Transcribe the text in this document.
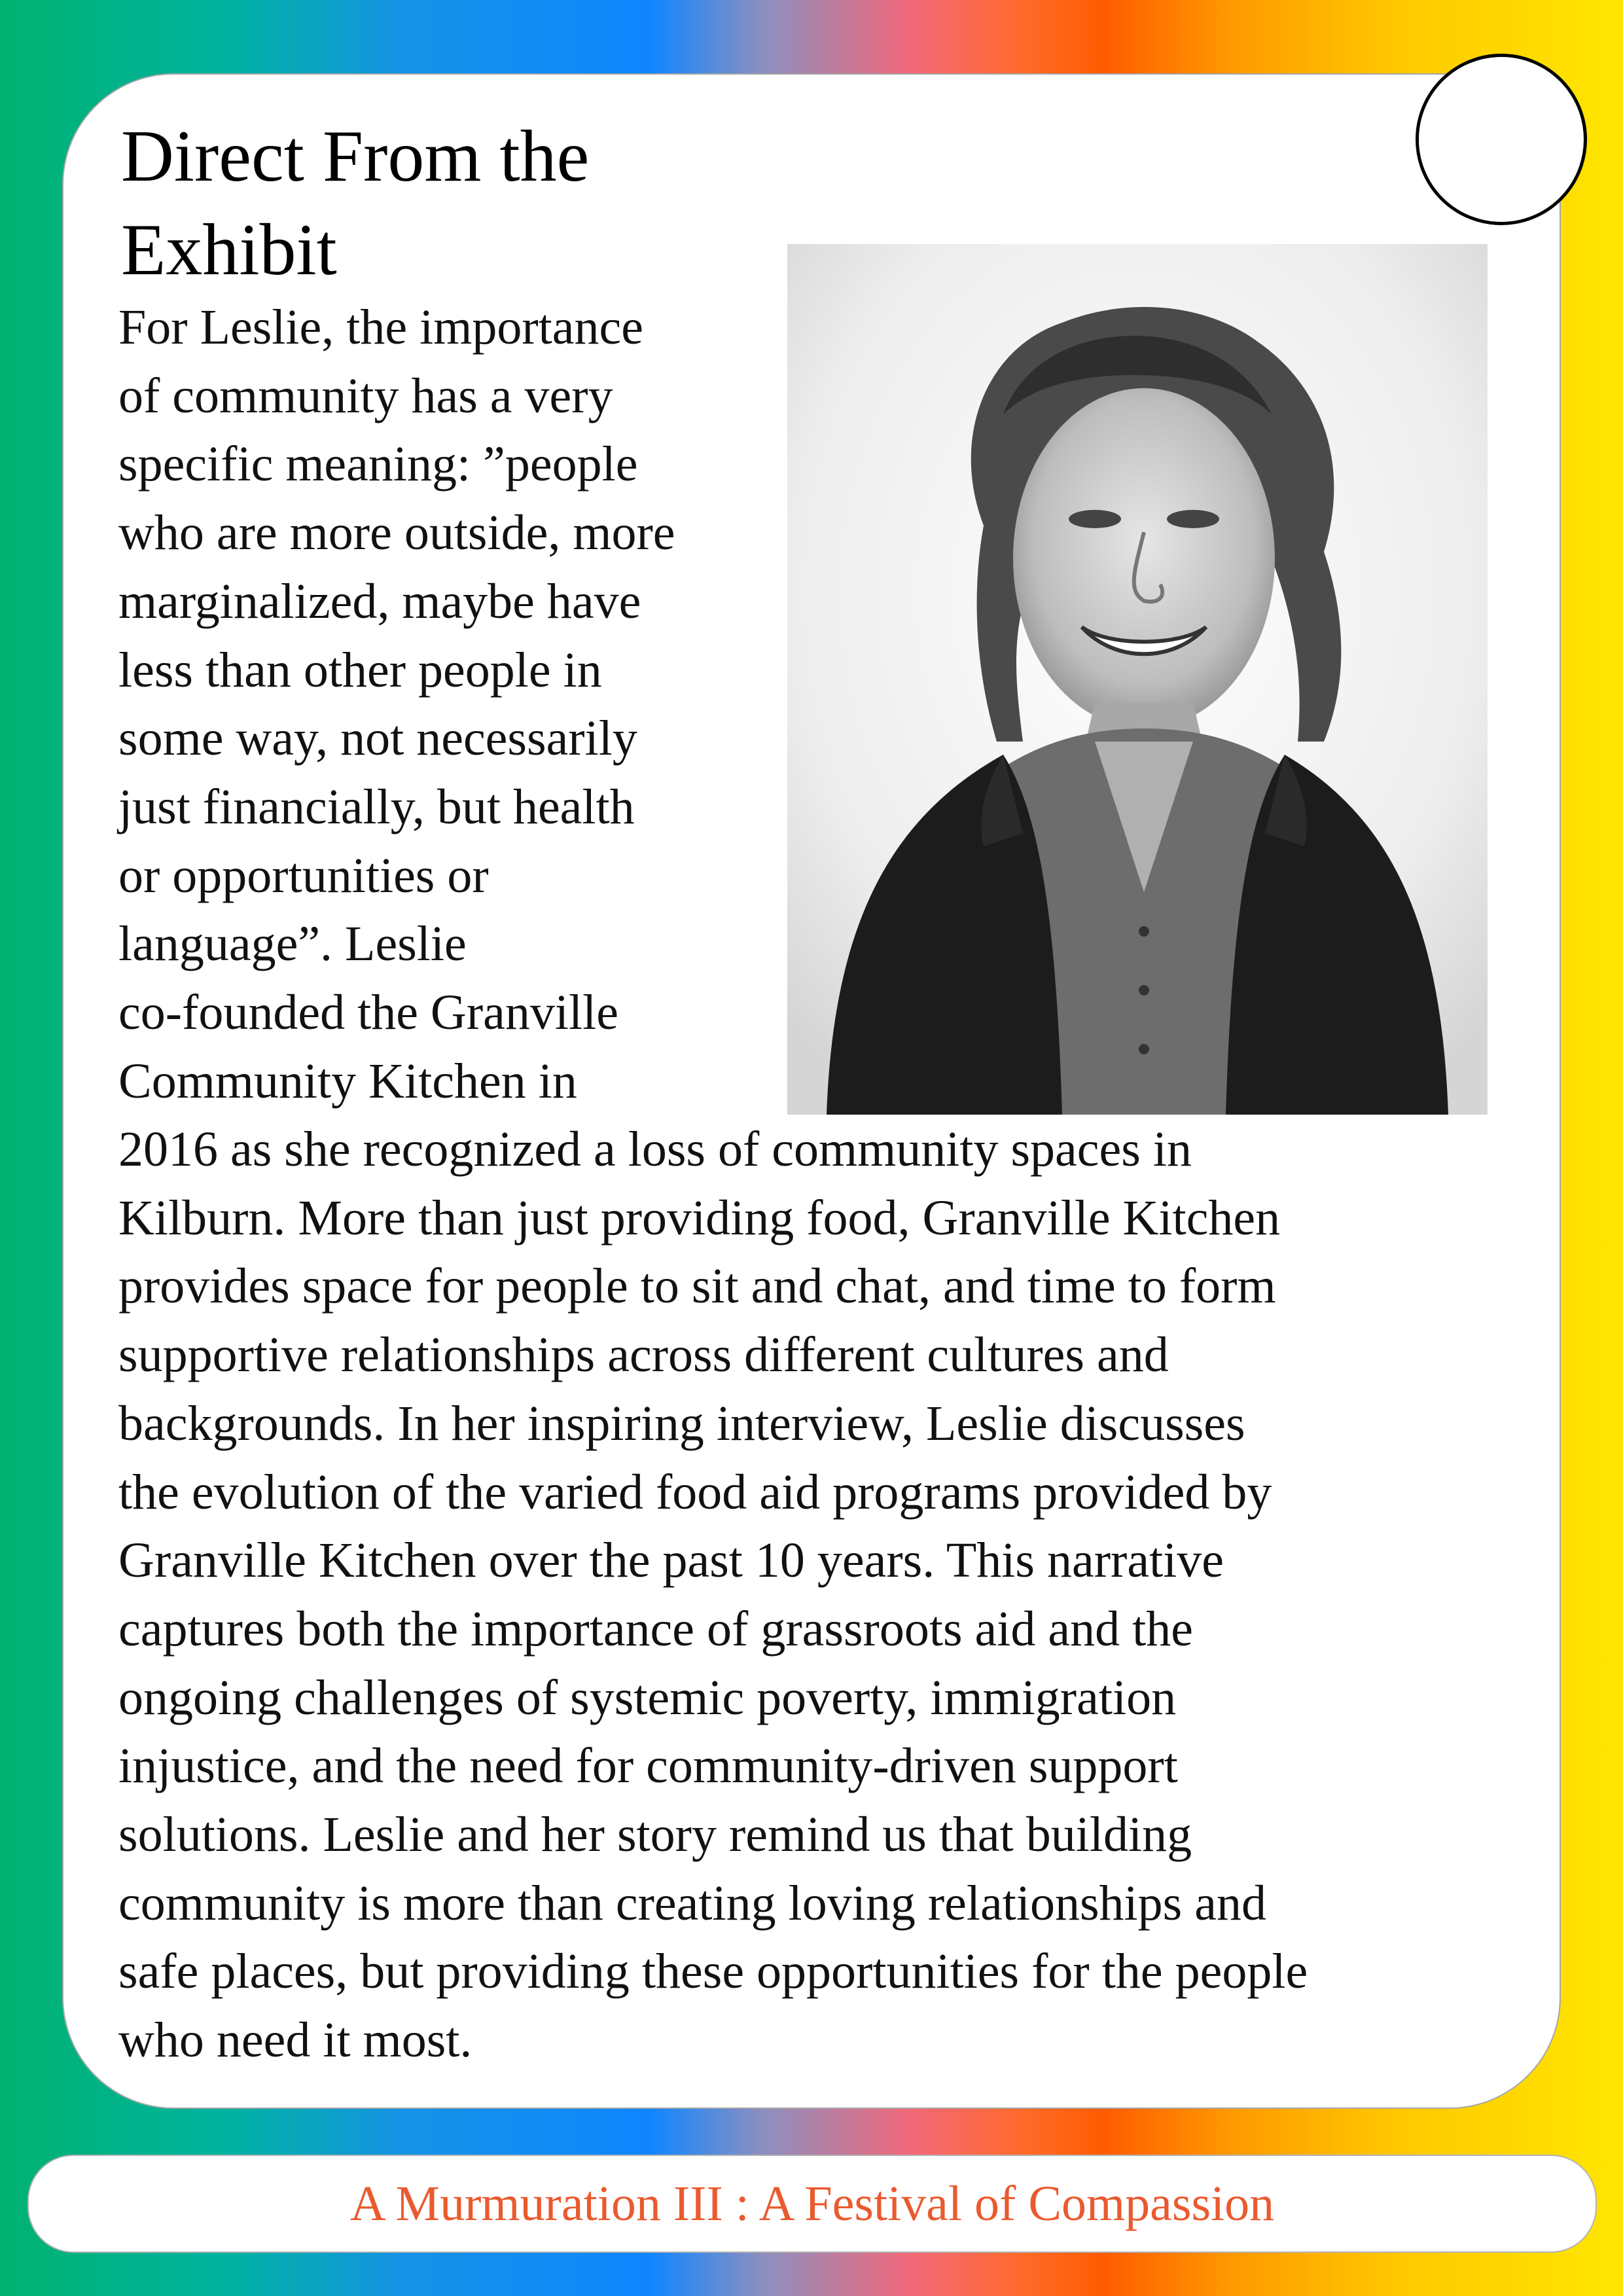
Direct From the
Exhibit

For Leslie, the importance
of community has a very
specific meaning: ”people
who are more outside, more
marginalized, maybe have
less than other people in
some way, not necessarily
just financially, but health
or opportunities or
language”. Leslie
co-founded the Granville
Community Kitchen in

2016 as she recognized a loss of community spaces in
Kilburn. More than just providing food, Granville Kitchen
provides space for people to sit and chat, and time to form
supportive relationships across different cultures and
backgrounds. In her inspiring interview, Leslie discusses
the evolution of the varied food aid programs provided by
Granville Kitchen over the past 10 years. This narrative
captures both the importance of grassroots aid and the
ongoing challenges of systemic poverty, immigration
injustice, and the need for community-driven support
solutions. Leslie and her story remind us that building
community is more than creating loving relationships and
safe places, but providing these opportunities for the people
who need it most.

A Murmuration III : A Festival of Compassion
